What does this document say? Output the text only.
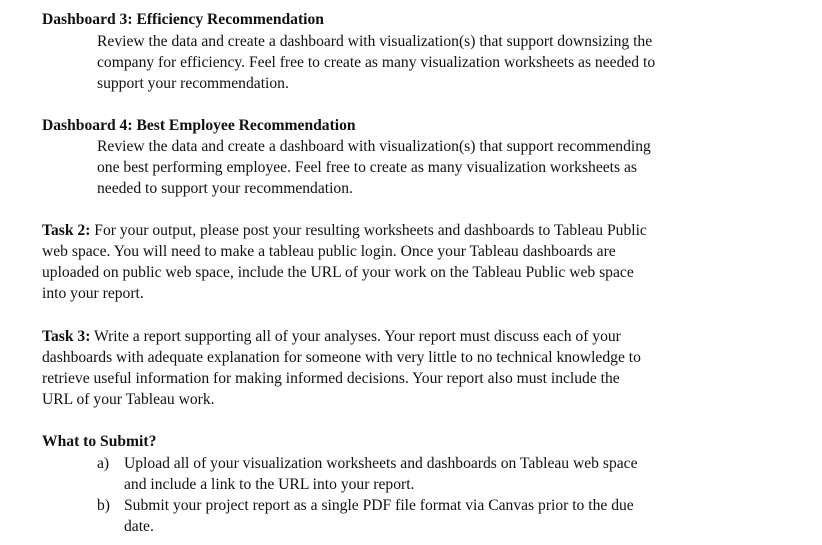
Dashboard 3: Efficiency Recommendation
Review the data and create a dashboard with visualization(s) that support downsizing the
company for efficiency. Feel free to create as many visualization worksheets as needed to
support your recommendation.
Dashboard 4: Best Employee Recommendation
Review the data and create a dashboard with visualization(s) that support recommending
one best performing employee. Feel free to create as many visualization worksheets as
needed to support your recommendation.
Task 2: For your output, please post your resulting worksheets and dashboards to Tableau Public
web space. You will need to make a tableau public login. Once your Tableau dashboards are
uploaded on public web space, include the URL of your work on the Tableau Public web space
into your report.
Task 3: Write a report supporting all of your analyses. Your report must discuss each of your
dashboards with adequate explanation for someone with very little to no technical knowledge to
retrieve useful information for making informed decisions. Your report also must include the
URL of your Tableau work.
What to Submit?
a) Upload all of your visualization worksheets and dashboards on Tableau web space
and include a link to the URL into your report.
b) Submit your project report as a single PDF file format via Canvas prior to the due
date.
